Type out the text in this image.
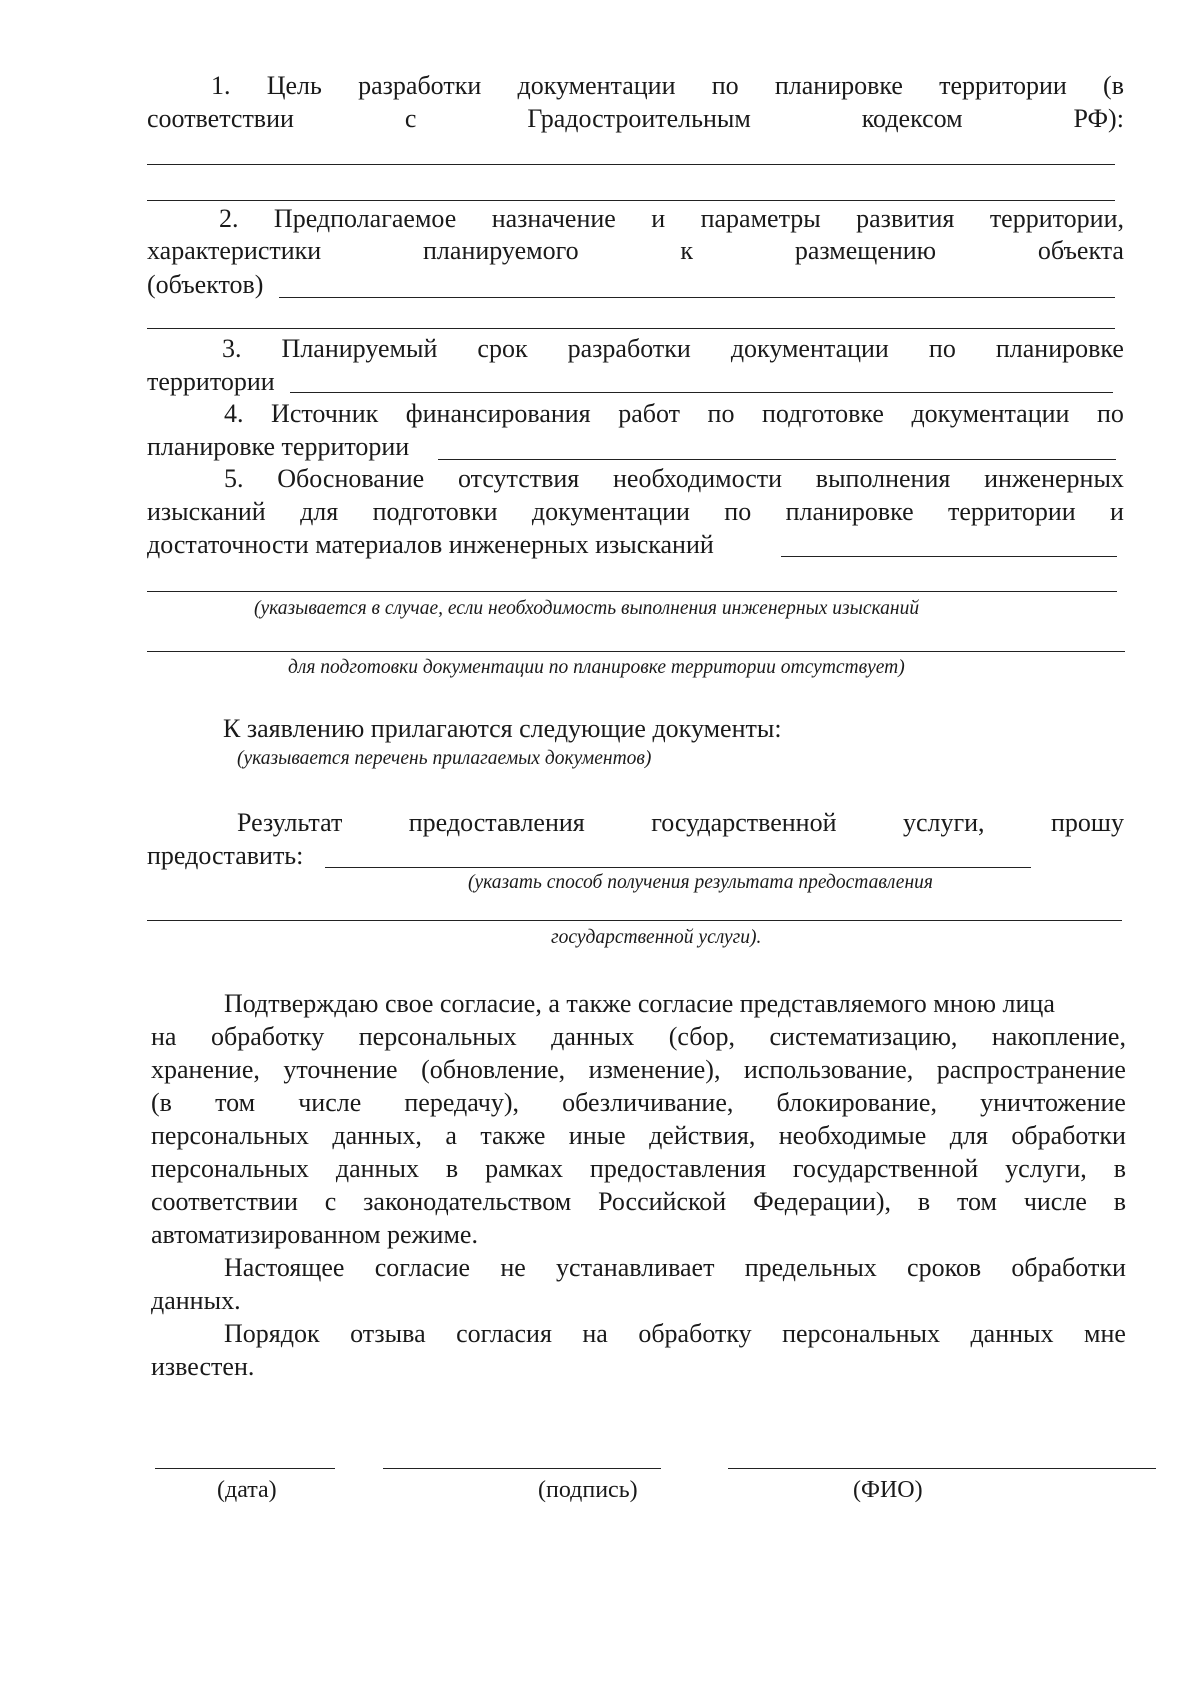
1. Цель разработки документации по планировке территории (в
соответствии	с	Градостроительным	кодексом	РФ):
2. Предполагаемое назначение и параметры развития территории,
характеристики	планируемого	к	размещению	объекта
(объектов)
3. Планируемый срок разработки документации по планировке
территории
4. Источник финансирования работ по подготовке документации по
планировке территории
5. Обоснование отсутствия необходимости выполнения инженерных
изысканий для подготовки документации по планировке территории и
достаточности материалов инженерных изысканий
(указывается в случае, если необходимость выполнения инженерных изысканий
для подготовки документации по планировке территории отсутствует)
К заявлению прилагаются следующие документы:
(указывается перечень прилагаемых документов)
Результат	предоставления	государственной	услуги,	прошу
предоставить:
(указать способ получения результата предоставления
государственной услуги).
Подтверждаю свое согласие, а также согласие представляемого мною лица
на обработку персональных данных (сбор, систематизацию, накопление,
хранение, уточнение (обновление, изменение), использование, распространение
(в том числе передачу), обезличивание, блокирование, уничтожение
персональных данных, а также иные действия, необходимые для обработки
персональных данных в рамках предоставления государственной услуги, в
соответствии с законодательством Российской Федерации), в том числе в
автоматизированном режиме.
Настоящее согласие не устанавливает предельных сроков обработки
данных.
Порядок отзыва согласия на обработку персональных данных мне
известен.
(дата)	(подпись)	(ФИО)
